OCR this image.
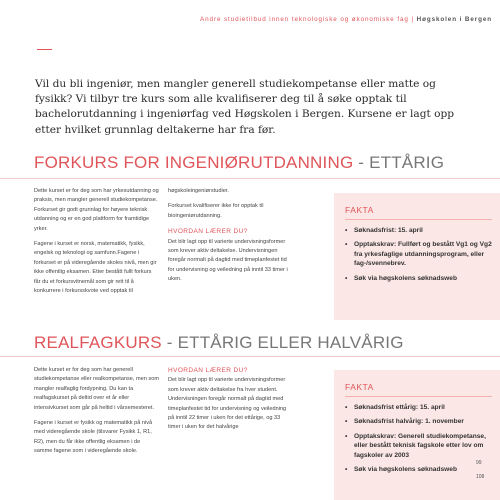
Andre studietilbud innen teknologiske og økonomiske fag | Høgskolen i Bergen
Vil du bli ingeniør, men mangler generell studiekompetanse eller matte og fysikk? Vi tilbyr tre kurs som alle kvalifiserer deg til å søke opptak til bachelorutdanning i ingeniørfag ved Høgskolen i Bergen. Kursene er lagt opp etter hvilket grunnlag deltakerne har fra før.
FORKURS FOR INGENIØRUTDANNING - ETTÅRIG

Dette kurset er for deg som har yrkesutdanning og praksis, men mangler generell studiekompetanse. Forkurset gir godt grunnlag for høyere teknisk utdanning og er en god plattform for framtidige yrker.

Fagene i kurset er norsk, matematikk, fysikk, engelsk og teknologi og samfunn.Fagene i forkurset er på videregående skoles nivå, men gir ikke offentlig eksamen. Etter bestått fullt forkurs får du et forkursvitnemål som gir rett til å konkurrere i forkursskvote ved opptak til

høgskoleingeniørstudier.

Forkurset kvalifiserer ikke for opptak til bioingeniørutdanning.

HVORDAN LÆRER DU?

Det blir lagt opp til varierte undervisningsformer som krever aktiv deltakelse. Undervisningen foregår normalt på dagtid med timeplanfestet tid for undervisning og veiledning på inntil 33 timer i uken.

FAKTA
• Søknadsfrist: 15. april
• Opptakskrav: Fullført og bestått Vg1 og Vg2 fra yrkesfaglige utdanningsprogram, eller fag-/svennebrev.
• Søk via høgskolens søknadsweb
REALFAGKURS - ETTÅRIG ELLER HALVÅRIG

Dette kurset er for deg som har generell studiekompetanse eller realkompetanse, men som mangler realfaglig fordypning. Du kan ta realfagskurset på deltid over et år eller intensivkurset som går på heltid i vårsemesteret.

Fagene i kurset er fysikk og matematikk på nivå med videregående skole (tilsvarer Fysikk 1, R1, R2), men du får ikke offentlig eksamen i de samme fagene som i videregående skole.

HVORDAN LÆRER DU?

Det blir lagt opp til varierte undervisningsformer som krever aktiv deltakelse fra hver student. Undervisningen foregår normalt på dagtid med timeplanfestet tid for undervisning og veiledning på inntil 22 timer i uken for det ettårige, og 33 timer i uken for det halvårige

FAKTA
• Søknadsfrist ettårig: 15. april
• Søknadsfrist halvårig: 1. november
• Opptakskrav: Generell studiekompetanse, eller bestått teknisk fagskole etter lov om fagskoler av 2003
• Søk via høgskolens søknadsweb
99
108
